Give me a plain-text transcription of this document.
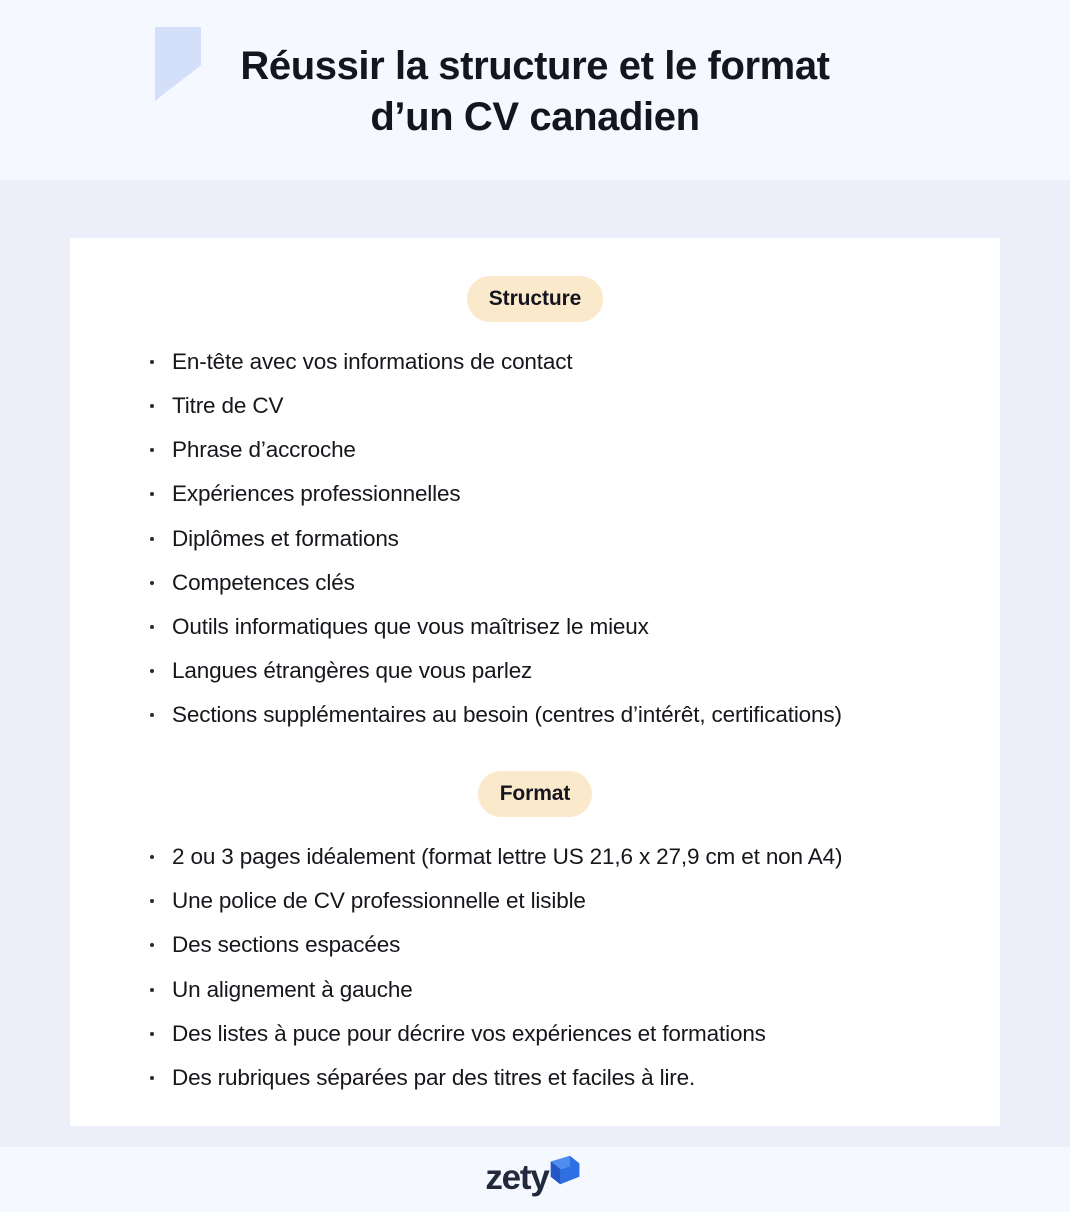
Réussir la structure et le format
d’un CV canadien
Structure
En-tête avec vos informations de contact
Titre de CV
Phrase d’accroche
Expériences professionnelles
Diplômes et formations
Competences clés
Outils informatiques que vous maîtrisez le mieux
Langues étrangères que vous parlez
Sections supplémentaires au besoin (centres d’intérêt, certifications)
Format
2 ou 3 pages idéalement (format lettre US 21,6 x 27,9 cm et non A4)
Une police de CV professionnelle et lisible
Des sections espacées
Un alignement à gauche
Des listes à puce pour décrire vos expériences et formations
Des rubriques séparées par des titres et faciles à lire.
zety
